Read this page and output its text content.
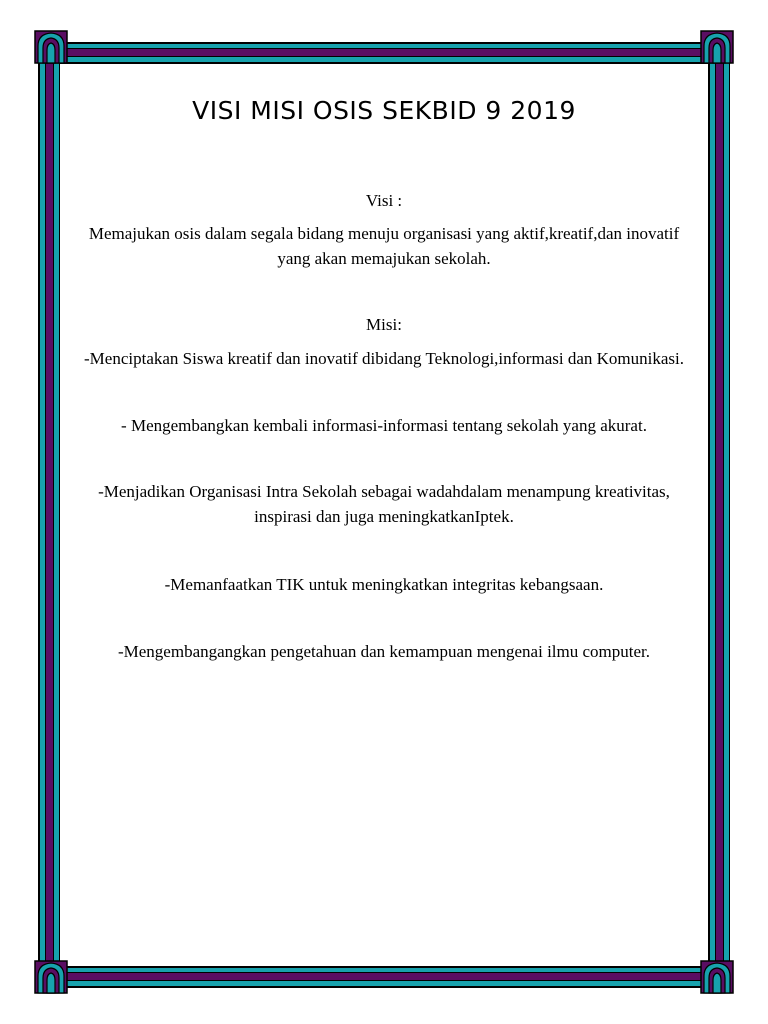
VISI MISI OSIS SEKBID 9 2019

Visi :

Memajukan osis dalam segala bidang menuju organisasi yang aktif,kreatif,dan inovatif yang akan memajukan sekolah.

Misi:

-Menciptakan Siswa kreatif dan inovatif dibidang Teknologi,informasi dan Komunikasi.

- Mengembangkan kembali informasi-informasi tentang sekolah yang akurat.

-Menjadikan Organisasi Intra Sekolah sebagai wadahdalam menampung kreativitas, inspirasi dan juga meningkatkanIptek.

-Memanfaatkan TIK untuk meningkatkan integritas kebangsaan.

-Mengembangangkan pengetahuan dan kemampuan mengenai ilmu computer.
